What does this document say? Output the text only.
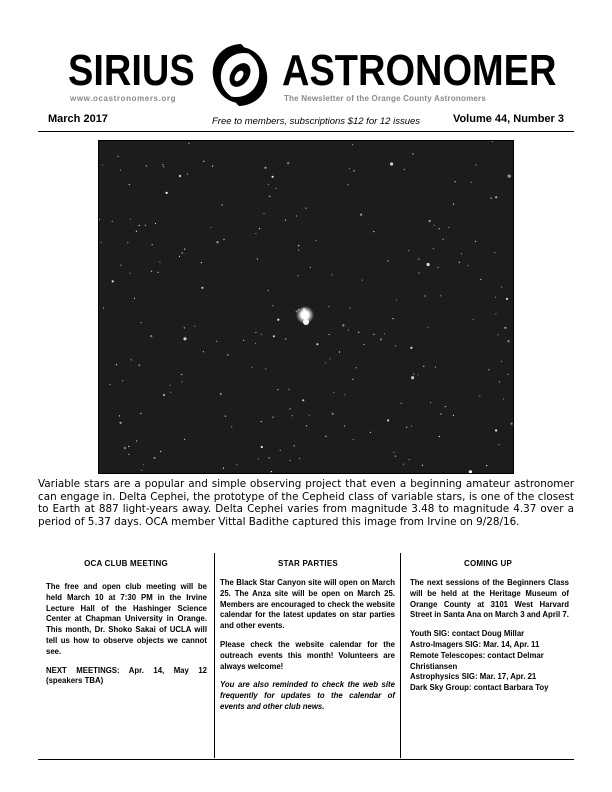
SIRIUS ASTRONOMER
www.ocastronomers.org	The Newsletter of the Orange County Astronomers
March 2017	Free to members, subscriptions $12 for 12 issues	Volume 44, Number 3
Variable stars are a popular and simple observing project that even a beginning amateur astronomer can engage in. Delta Cephei, the prototype of the Cepheid class of variable stars, is one of the closest to Earth at 887 light-years away. Delta Cephei varies from magnitude 3.48 to magnitude 4.37 over a period of 5.37 days. OCA member Vittal Badithe captured this image from Irvine on 9/28/16.
OCA CLUB MEETING

The free and open club meeting will be held March 10 at 7:30 PM in the Irvine Lecture Hall of the Hashinger Science Center at Chapman University in Orange. This month, Dr. Shoko Sakai of UCLA will tell us how to observe objects we cannot see.

NEXT MEETINGS: Apr. 14, May 12 (speakers TBA)

STAR PARTIES

The Black Star Canyon site will open on March 25. The Anza site will be open on March 25. Members are encouraged to check the website calendar for the latest updates on star parties and other events.

Please check the website calendar for the outreach events this month! Volunteers are always welcome!

You are also reminded to check the web site frequently for updates to the calendar of events and other club news.

COMING UP

The next sessions of the Beginners Class will be held at the Heritage Museum of Orange County at 3101 West Harvard Street in Santa Ana on March 3 and April 7.

Youth SIG: contact Doug Millar

Astro-Imagers SIG: Mar. 14, Apr. 11

Remote Telescopes: contact Delmar Christiansen

Astrophysics SIG: Mar. 17, Apr. 21

Dark Sky Group: contact Barbara Toy
